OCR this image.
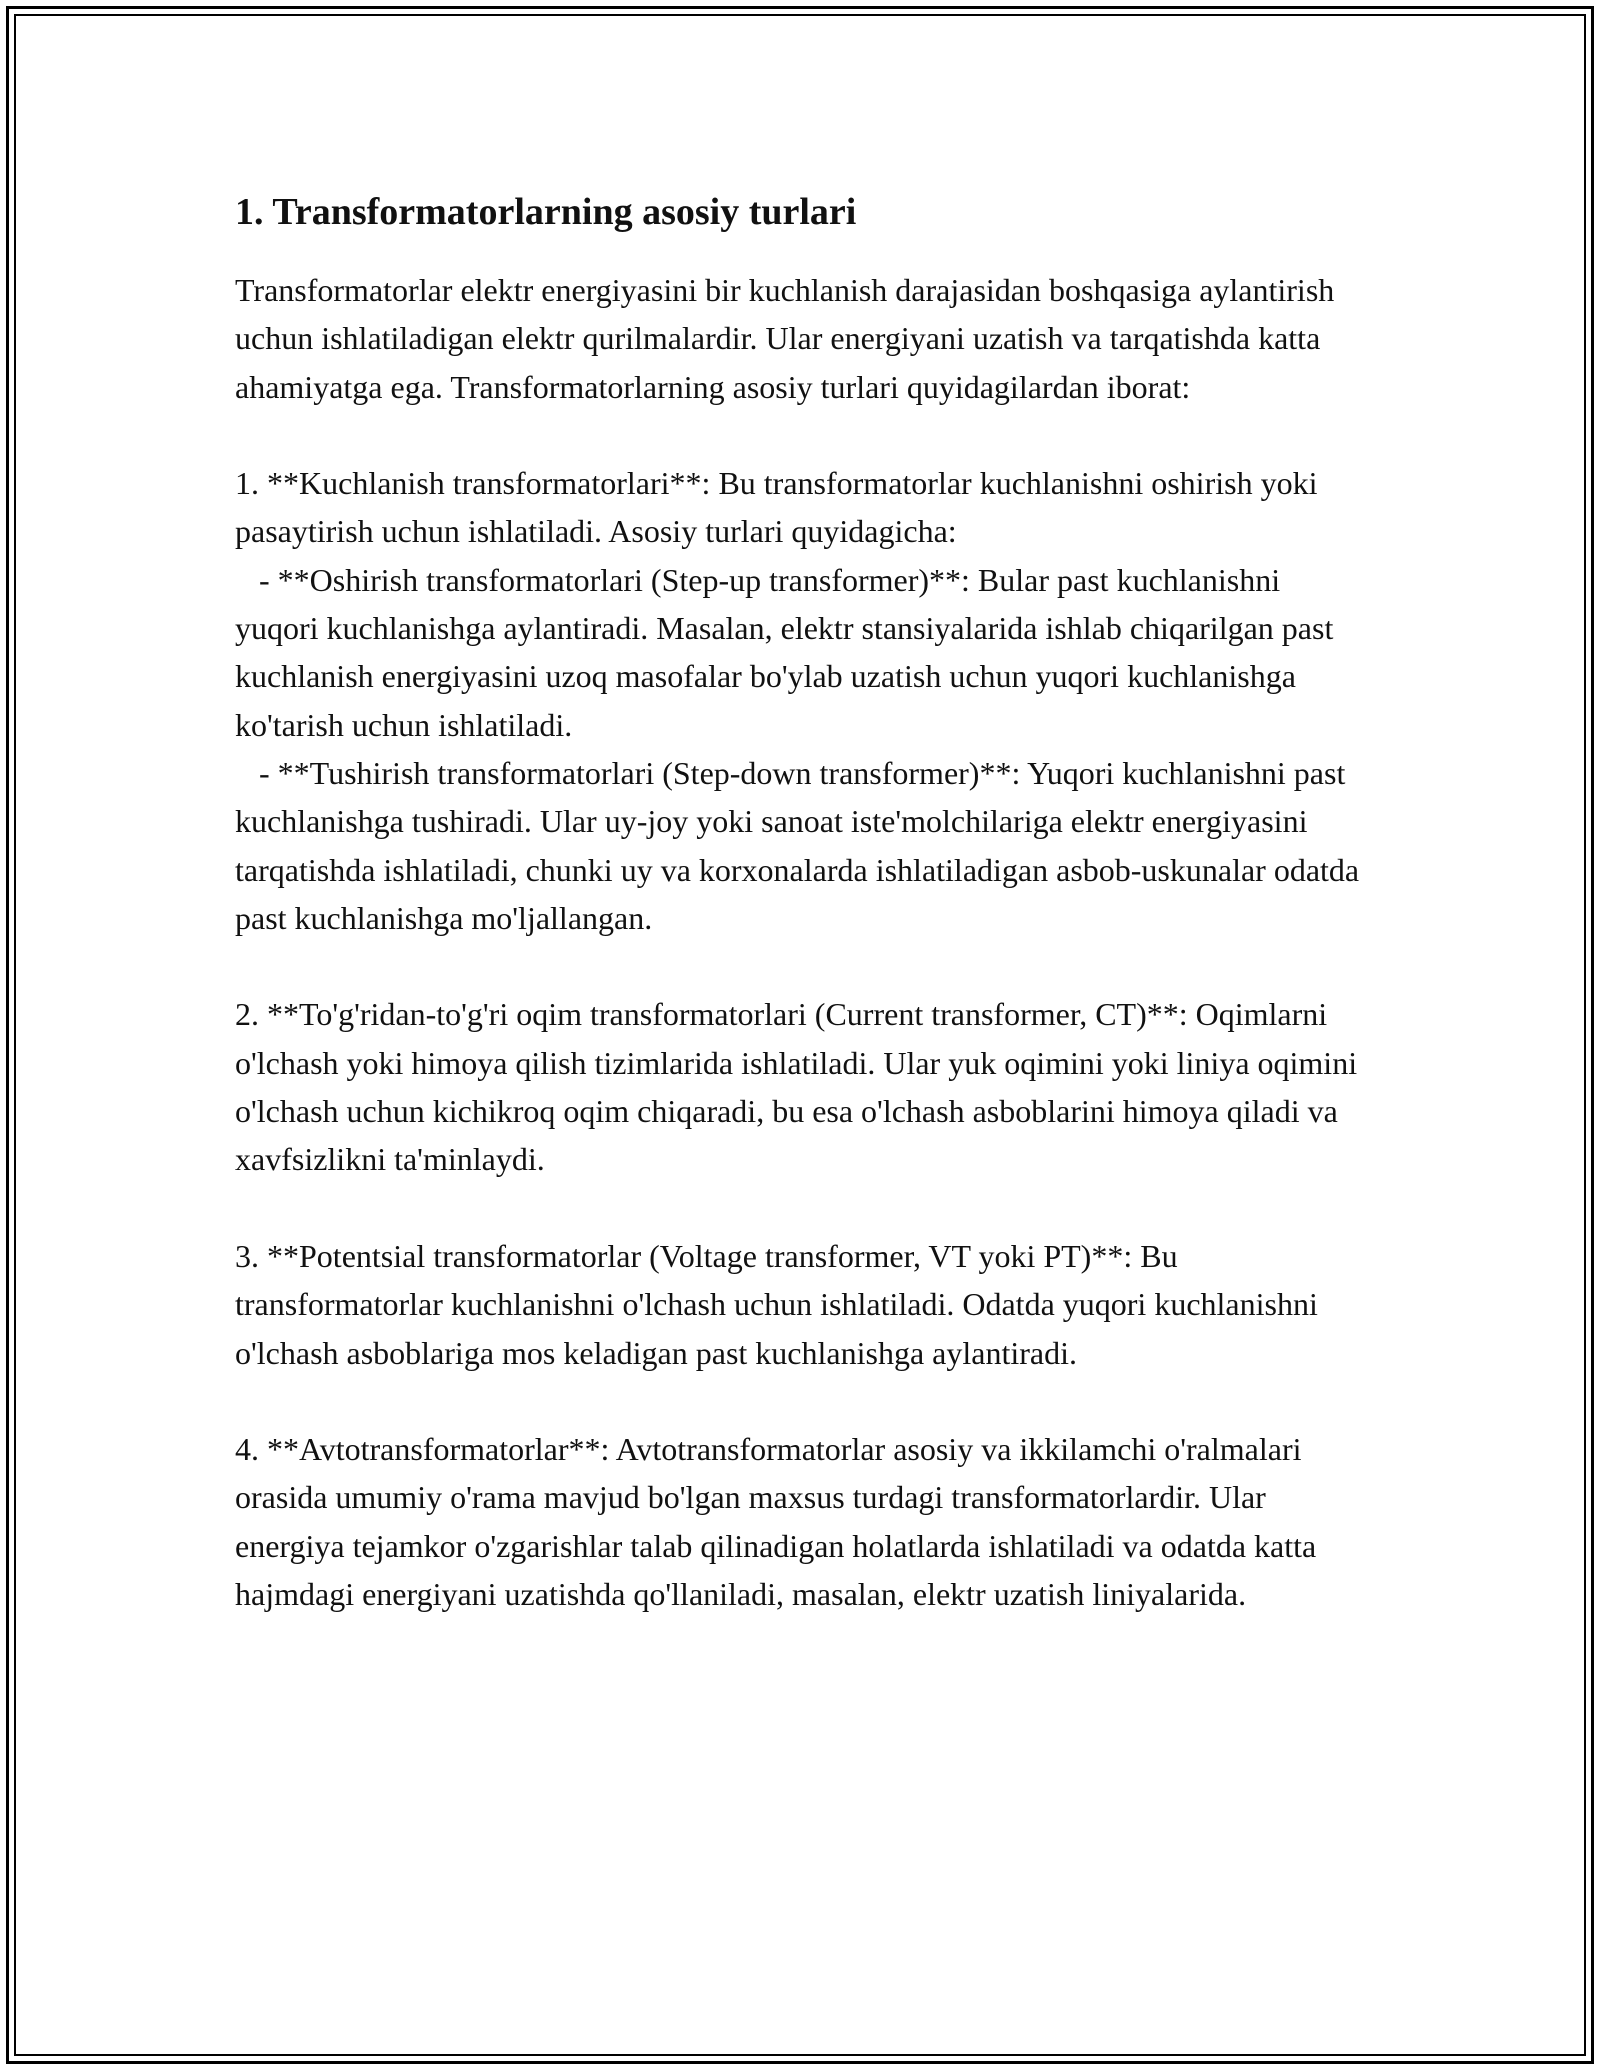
1. Transformatorlarning asosiy turlari

Transformatorlar elektr energiyasini bir kuchlanish darajasidan boshqasiga aylantirish uchun ishlatiladigan elektr qurilmalardir. Ular energiyani uzatish va tarqatishda katta ahamiyatga ega. Transformatorlarning asosiy turlari quyidagilardan iborat:

1. **Kuchlanish transformatorlari**: Bu transformatorlar kuchlanishni oshirish yoki pasaytirish uchun ishlatiladi. Asosiy turlari quyidagicha:
- **Oshirish transformatorlari (Step-up transformer)**: Bular past kuchlanishni yuqori kuchlanishga aylantiradi. Masalan, elektr stansiyalarida ishlab chiqarilgan past kuchlanish energiyasini uzoq masofalar bo'ylab uzatish uchun yuqori kuchlanishga ko'tarish uchun ishlatiladi.
- **Tushirish transformatorlari (Step-down transformer)**: Yuqori kuchlanishni past kuchlanishga tushiradi. Ular uy-joy yoki sanoat iste'molchilariga elektr energiyasini tarqatishda ishlatiladi, chunki uy va korxonalarda ishlatiladigan asbob-uskunalar odatda past kuchlanishga mo'ljallangan.

2. **To'g'ridan-to'g'ri oqim transformatorlari (Current transformer, CT)**: Oqimlarni o'lchash yoki himoya qilish tizimlarida ishlatiladi. Ular yuk oqimini yoki liniya oqimini o'lchash uchun kichikroq oqim chiqaradi, bu esa o'lchash asboblarini himoya qiladi va xavfsizlikni ta'minlaydi.

3. **Potentsial transformatorlar (Voltage transformer, VT yoki PT)**: Bu transformatorlar kuchlanishni o'lchash uchun ishlatiladi. Odatda yuqori kuchlanishni o'lchash asboblariga mos keladigan past kuchlanishga aylantiradi.

4. **Avtotransformatorlar**: Avtotransformatorlar asosiy va ikkilamchi o'ralmalari orasida umumiy o'rama mavjud bo'lgan maxsus turdagi transformatorlardir. Ular energiya tejamkor o'zgarishlar talab qilinadigan holatlarda ishlatiladi va odatda katta hajmdagi energiyani uzatishda qo'llaniladi, masalan, elektr uzatish liniyalarida.
